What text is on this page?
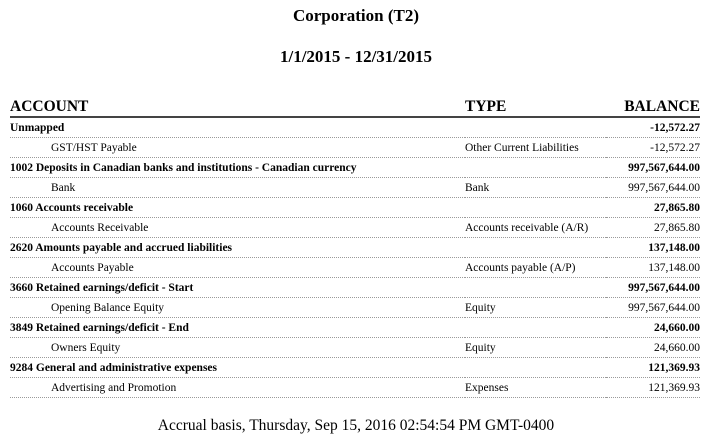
Corporation (T2)
1/1/2015 - 12/31/2015
ACCOUNT	TYPE	BALANCE
Unmapped		-12,572.27
GST/HST Payable	Other Current Liabilities	-12,572.27
1002 Deposits in Canadian banks and institutions - Canadian currency		997,567,644.00
Bank	Bank	997,567,644.00
1060 Accounts receivable		27,865.80
Accounts Receivable	Accounts receivable (A/R)	27,865.80
2620 Amounts payable and accrued liabilities		137,148.00
Accounts Payable	Accounts payable (A/P)	137,148.00
3660 Retained earnings/deficit - Start		997,567,644.00
Opening Balance Equity	Equity	997,567,644.00
3849 Retained earnings/deficit - End		24,660.00
Owners Equity	Equity	24,660.00
9284 General and administrative expenses		121,369.93
Advertising and Promotion	Expenses	121,369.93
Accrual basis, Thursday, Sep 15, 2016 02:54:54 PM GMT-0400
